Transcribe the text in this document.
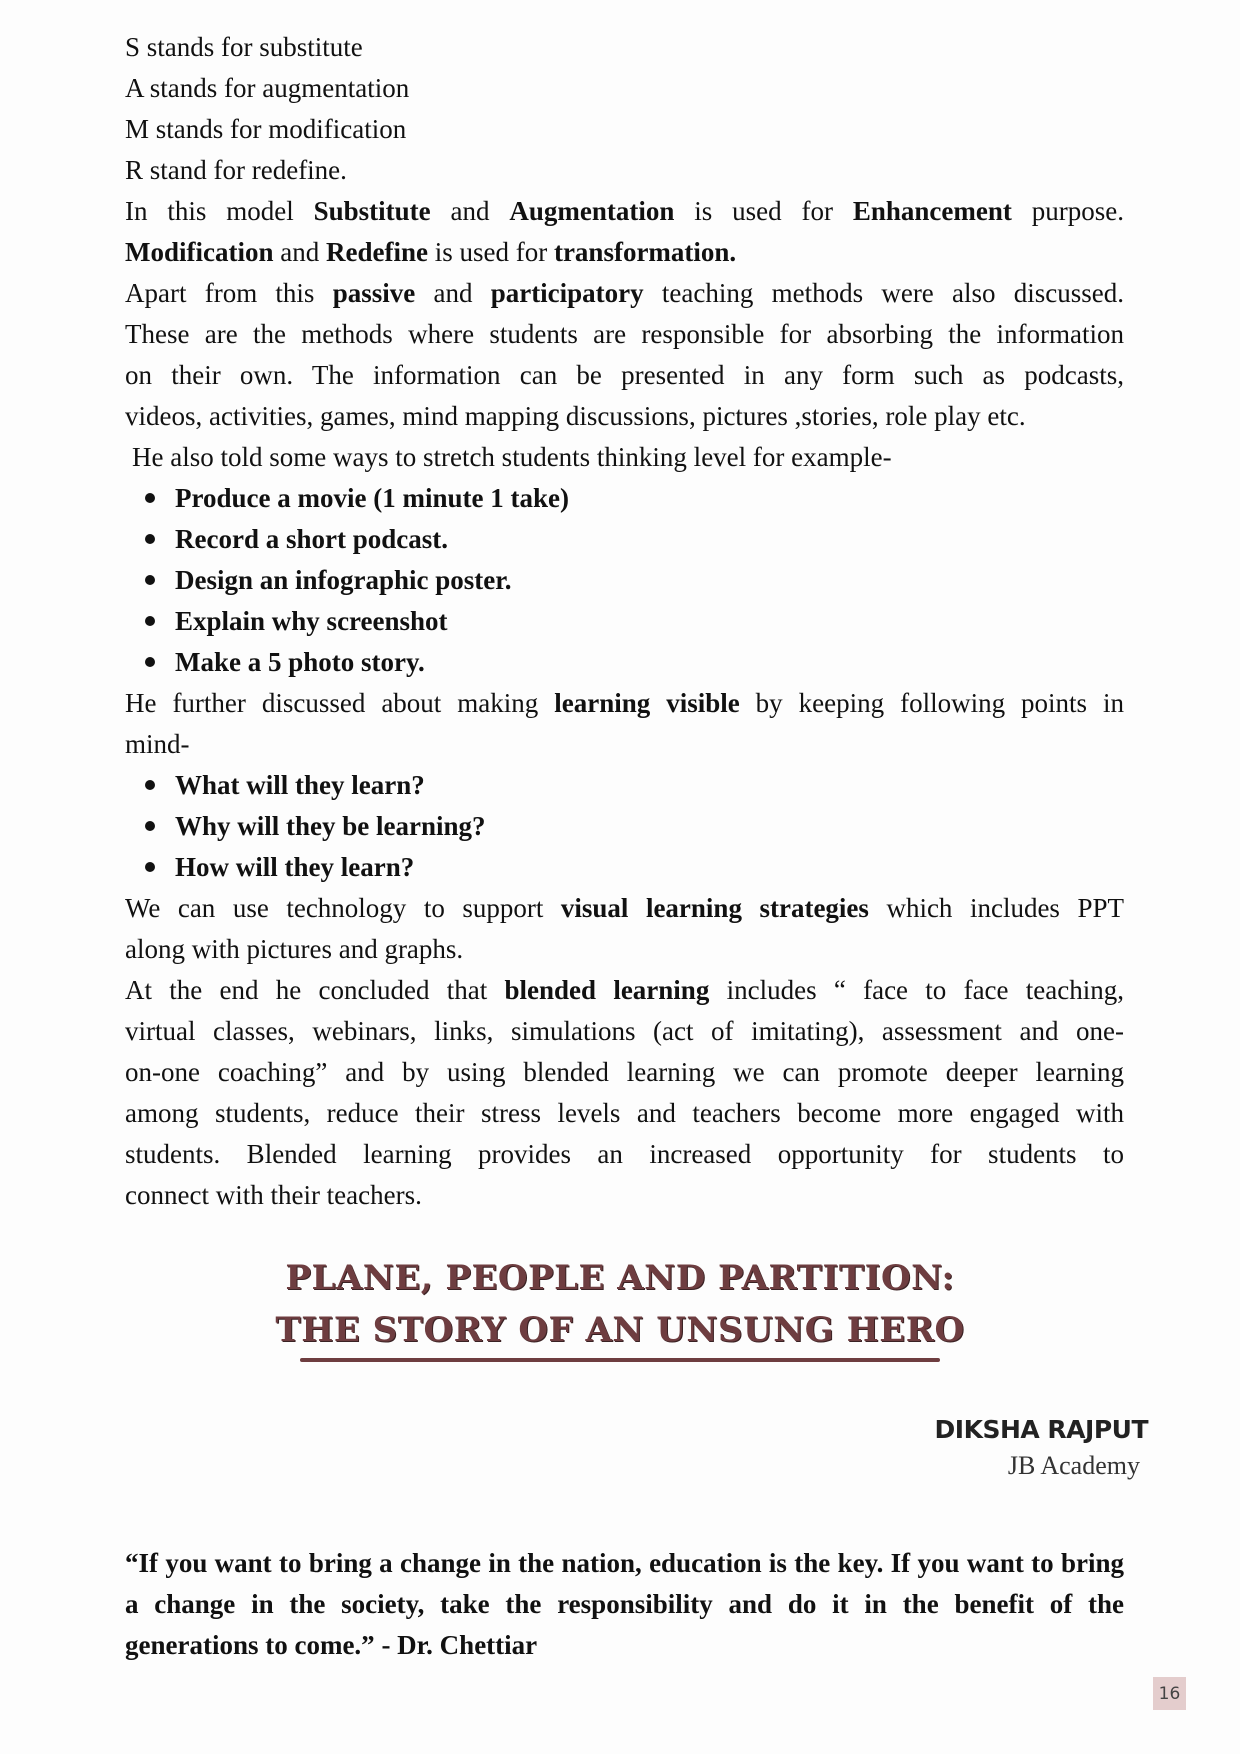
S stands for substitute

A stands for augmentation

M stands for modification

R stand for redefine.

In this model Substitute and Augmentation is used for Enhancement purpose.

Modification and Redefine is used for transformation.

Apart from this passive and participatory teaching methods were also discussed.

These are the methods where students are responsible for absorbing the information

on their own. The information can be presented in any form such as podcasts,

videos, activities, games, mind mapping discussions, pictures ,stories, role play etc.

He also told some ways to stretch students thinking level for example-

Produce a movie (1 minute 1 take)
Record a short podcast.
Design an infographic poster.
Explain why screenshot
Make a 5 photo story.

He further discussed about making learning visible by keeping following points in

mind-

What will they learn?
Why will they be learning?
How will they learn?

We can use technology to support visual learning strategies which includes PPT

along with pictures and graphs.

At the end he concluded that blended learning includes “ face to face teaching,

virtual classes, webinars, links, simulations (act of imitating), assessment and one-

on-one coaching” and by using blended learning we can promote deeper learning

among students, reduce their stress levels and teachers become more engaged with

students. Blended learning provides an increased opportunity for students to

connect with their teachers.

PLANE, PEOPLE AND PARTITION:
THE STORY OF AN UNSUNG HERO
DIKSHA RAJPUT
JB Academy
“If you want to bring a change in the nation, education is the key. If you want to bring a change in the society, take the responsibility and do it in the benefit of the generations to come.” - Dr. Chettiar
16
